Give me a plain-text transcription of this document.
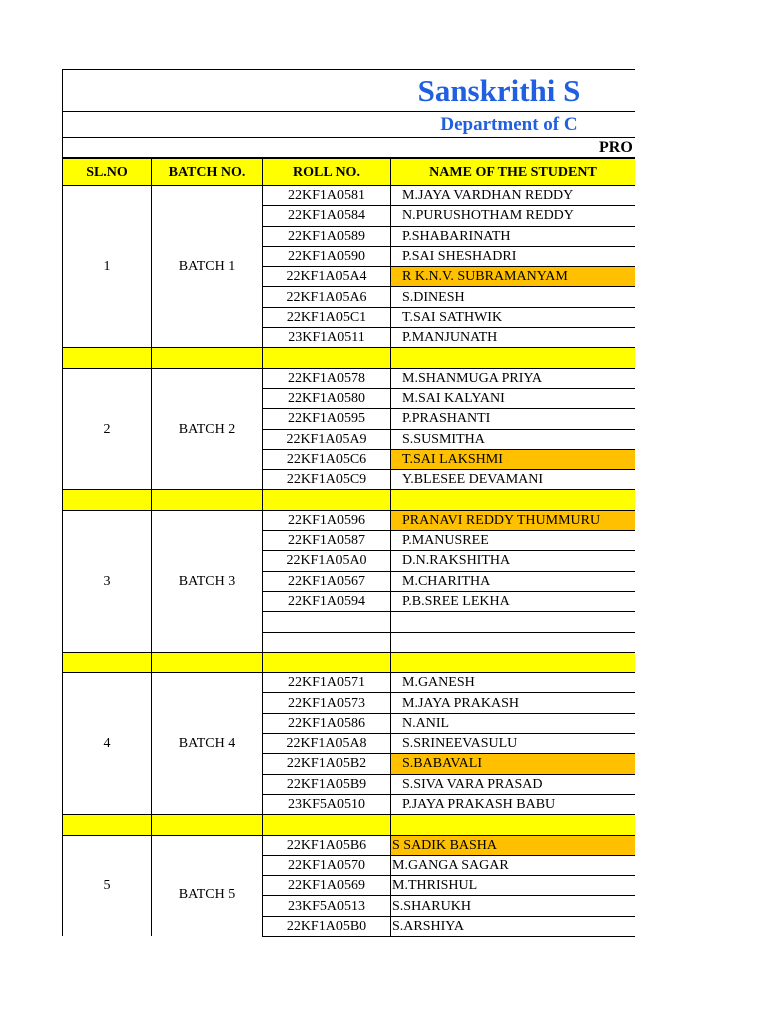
Sanskrithi S
Department of C
PRO
SL.NO	BATCH NO.	ROLL NO.	NAME OF THE STUDENT
1	BATCH 1	22KF1A0581	M.JAYA VARDHAN REDDY
		22KF1A0584	N.PURUSHOTHAM REDDY
		22KF1A0589	P.SHABARINATH
		22KF1A0590	P.SAI SHESHADRI
		22KF1A05A4	R K.N.V. SUBRAMANYAM
		22KF1A05A6	S.DINESH
		22KF1A05C1	T.SAI SATHWIK
		23KF1A0511	P.MANJUNATH

2	BATCH 2	22KF1A0578	M.SHANMUGA PRIYA
		22KF1A0580	M.SAI KALYANI
		22KF1A0595	P.PRASHANTI
		22KF1A05A9	S.SUSMITHA
		22KF1A05C6	T.SAI LAKSHMI
		22KF1A05C9	Y.BLESEE DEVAMANI

3	BATCH 3	22KF1A0596	PRANAVI REDDY THUMMURU
		22KF1A0587	P.MANUSREE
		22KF1A05A0	D.N.RAKSHITHA
		22KF1A0567	M.CHARITHA
		22KF1A0594	P.B.SREE LEKHA

4	BATCH 4	22KF1A0571	M.GANESH
		22KF1A0573	M.JAYA PRAKASH
		22KF1A0586	N.ANIL
		22KF1A05A8	S.SRINEEVASULU
		22KF1A05B2	S.BABAVALI
		22KF1A05B9	S.SIVA VARA PRASAD
		23KF5A0510	P.JAYA PRAKASH BABU

5	BATCH 5	22KF1A05B6	S SADIK BASHA
		22KF1A0570	M.GANGA SAGAR
		22KF1A0569	M.THRISHUL
		23KF5A0513	S.SHARUKH
		22KF1A05B0	S.ARSHIYA
